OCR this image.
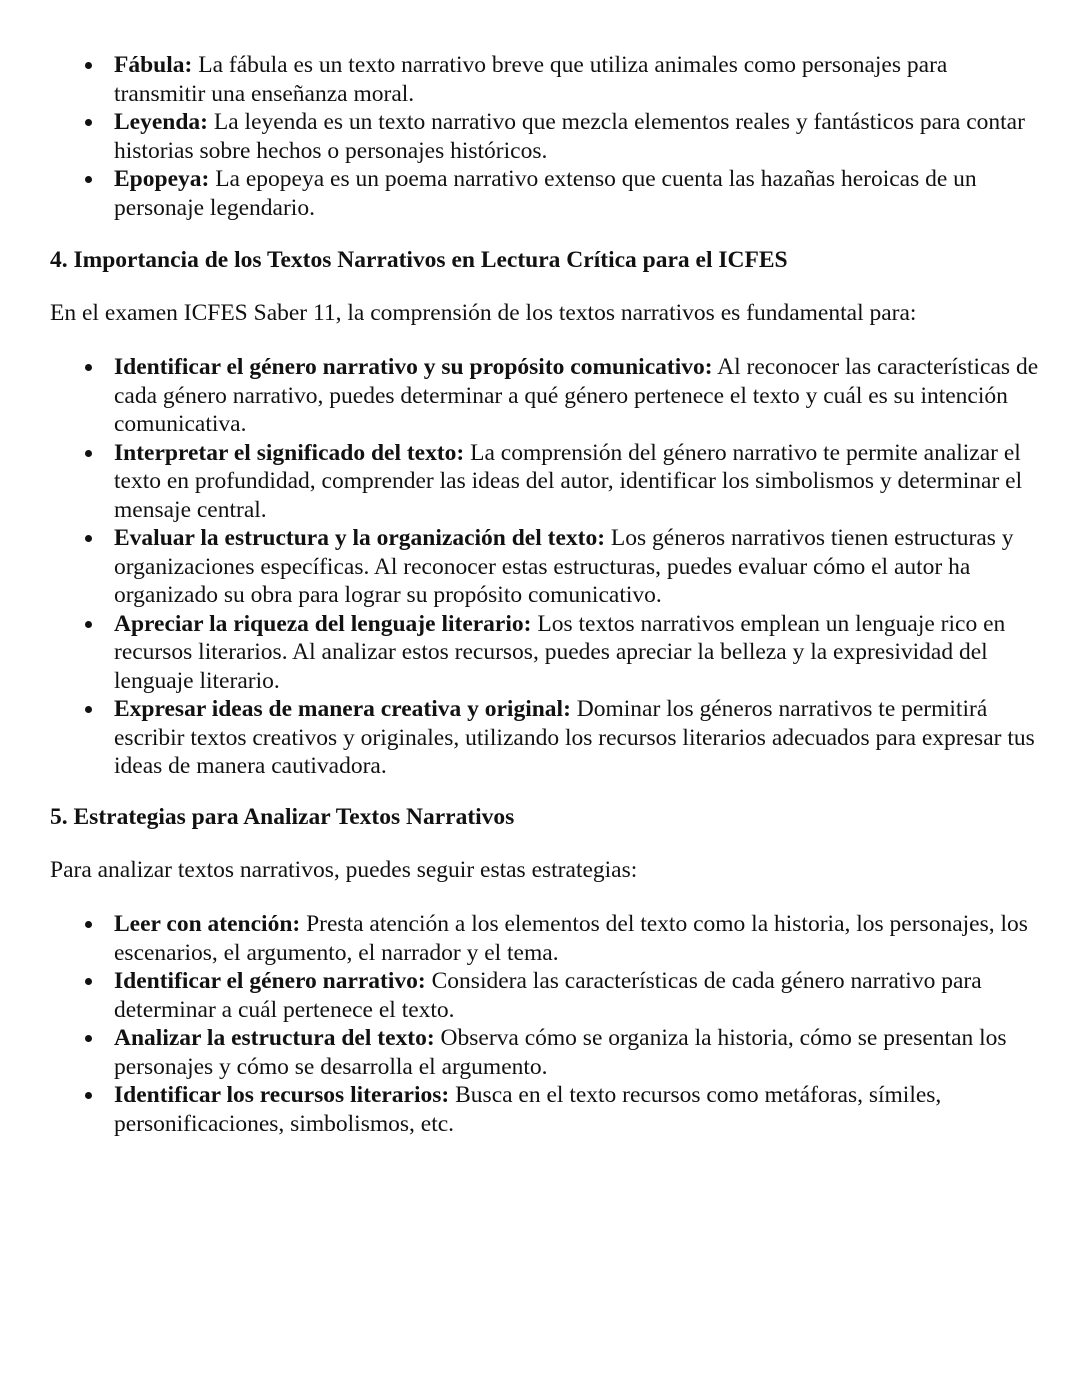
Fábula: La fábula es un texto narrativo breve que utiliza animales como personajes para transmitir una enseñanza moral.
Leyenda: La leyenda es un texto narrativo que mezcla elementos reales y fantásticos para contar historias sobre hechos o personajes históricos.
Epopeya: La epopeya es un poema narrativo extenso que cuenta las hazañas heroicas de un personaje legendario.
4. Importancia de los Textos Narrativos en Lectura Crítica para el ICFES

En el examen ICFES Saber 11, la comprensión de los textos narrativos es fundamental para:

Identificar el género narrativo y su propósito comunicativo: Al reconocer las características de cada género narrativo, puedes determinar a qué género pertenece el texto y cuál es su intención comunicativa.
Interpretar el significado del texto: La comprensión del género narrativo te permite analizar el texto en profundidad, comprender las ideas del autor, identificar los simbolismos y determinar el mensaje central.
Evaluar la estructura y la organización del texto: Los géneros narrativos tienen estructuras y organizaciones específicas. Al reconocer estas estructuras, puedes evaluar cómo el autor ha organizado su obra para lograr su propósito comunicativo.
Apreciar la riqueza del lenguaje literario: Los textos narrativos emplean un lenguaje rico en recursos literarios. Al analizar estos recursos, puedes apreciar la belleza y la expresividad del lenguaje literario.
Expresar ideas de manera creativa y original: Dominar los géneros narrativos te permitirá escribir textos creativos y originales, utilizando los recursos literarios adecuados para expresar tus ideas de manera cautivadora.
5. Estrategias para Analizar Textos Narrativos

Para analizar textos narrativos, puedes seguir estas estrategias:

Leer con atención: Presta atención a los elementos del texto como la historia, los personajes, los escenarios, el argumento, el narrador y el tema.
Identificar el género narrativo: Considera las características de cada género narrativo para determinar a cuál pertenece el texto.
Analizar la estructura del texto: Observa cómo se organiza la historia, cómo se presentan los personajes y cómo se desarrolla el argumento.
Identificar los recursos literarios: Busca en el texto recursos como metáforas, símiles, personificaciones, simbolismos, etc.
